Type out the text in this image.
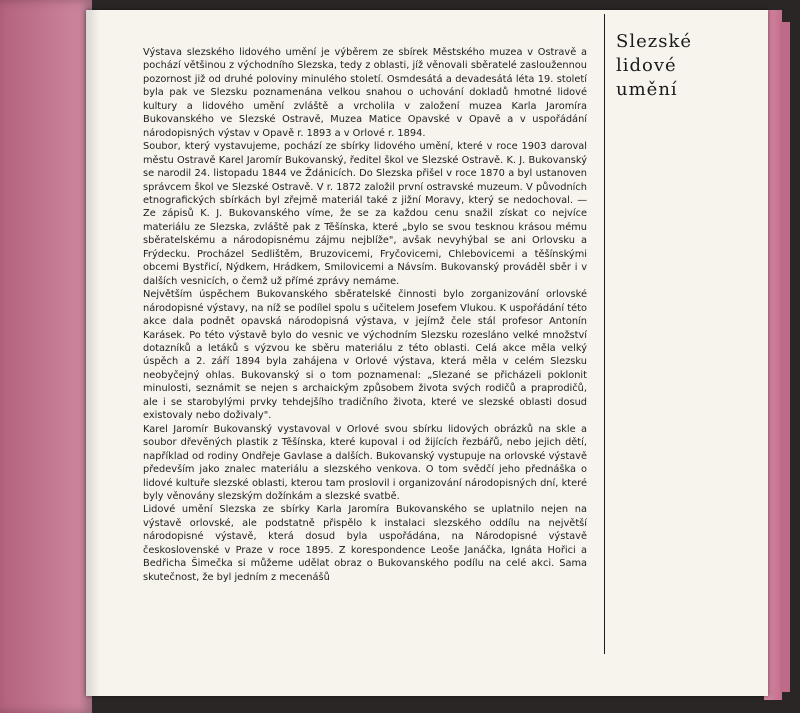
Slezské
lidové
umění

Výstava slezského lidového umění je výběrem ze sbírek Městského muzea v Ostravě a pochází většinou z východního Slezska, tedy z oblasti, jíž věnovali sběratelé zasloužennou pozornost již od druhé poloviny minulého století. Osmdesátá a devadesátá léta 19. století byla pak ve Slezsku poznamenána velkou snahou o uchování dokladů hmotné lidové kultury a lidového umění zvláště a vrcholila v založení muzea Karla Jaromíra Bukovanského ve Slezské Ostravě, Muzea Matice Opavské v Opavě a v uspořádání národopisných výstav v Opavě r. 1893 a v Orlové r. 1894.

Soubor, který vystavujeme, pochází ze sbírky lidového umění, které v roce 1903 daroval městu Ostravě Karel Jaromír Bukovanský, ředitel škol ve Slezské Ostravě. K. J. Bukovanský se narodil 24. listopadu 1844 ve Ždánicích. Do Slezska přišel v roce 1870 a byl ustanoven správcem škol ve Slezské Ostravě. V r. 1872 založil první ostravské muzeum. V původních etnografických sbírkách byl zřejmě materiál také z jižní Moravy, který se nedochoval. — Ze zápisů K. J. Bukovanského víme, že se za každou cenu snažil získat co nejvíce materiálu ze Slezska, zvláště pak z Těšínska, které „bylo se svou tesknou krásou mému sběratelskému a národopisnému zájmu nejblíže", avšak nevyhýbal se ani Orlovsku a Frýdecku. Procházel Sedlištěm, Bruzovicemi, Fryčovicemi, Chlebovicemi a těšínskými obcemi Bystřicí, Nýdkem, Hrádkem, Smilovicemi a Návsím. Bukovanský prováděl sběr i v dalších vesnicích, o čemž už přímé zprávy nemáme.

Největším úspěchem Bukovanského sběratelské činnosti bylo zorganizování orlovské národopisné výstavy, na níž se podílel spolu s učitelem Josefem Vlukou. K uspořádání této akce dala podnět opavská národopisná výstava, v jejímž čele stál profesor Antonín Karásek. Po této výstavě bylo do vesnic ve východním Slezsku rozesláno velké množství dotazníků a letáků s výzvou ke sběru materiálu z této oblasti. Celá akce měla velký úspěch a 2. září 1894 byla zahájena v Orlové výstava, která měla v celém Slezsku neobyčejný ohlas. Bukovanský si o tom poznamenal: „Slezané se přicházeli poklonit minulosti, seznámit se nejen s archaickým způsobem života svých rodičů a praprodičů, ale i se starobylými prvky tehdejšího tradičního života, které ve slezské oblasti dosud existovaly nebo doživaly".

Karel Jaromír Bukovanský vystavoval v Orlové svou sbírku lidových obrázků na skle a soubor dřevěných plastik z Těšínska, které kupoval i od žijících řezbářů, nebo jejich dětí, například od rodiny Ondřeje Gavlase a dalších. Bukovanský vystupuje na orlovské výstavě především jako znalec materiálu a slezského venkova. O tom svědčí jeho přednáška o lidové kultuře slezské oblasti, kterou tam proslovil i organizování národopisných dní, které byly věnovány slezským dožínkám a slezské svatbě.

Lidové umění Slezska ze sbírky Karla Jaromíra Bukovanského se uplatnilo nejen na výstavě orlovské, ale podstatně přispělo k instalaci slezského oddílu na největší národopisné výstavě, která dosud byla uspořádána, na Národopisné výstavě československé v Praze v roce 1895. Z korespondence Leoše Janáčka, Ignáta Hořici a Bedřicha Šimečka si můžeme udělat obraz o Bukovanského podílu na celé akci. Sama skutečnost, že byl jedním z mecenášů
